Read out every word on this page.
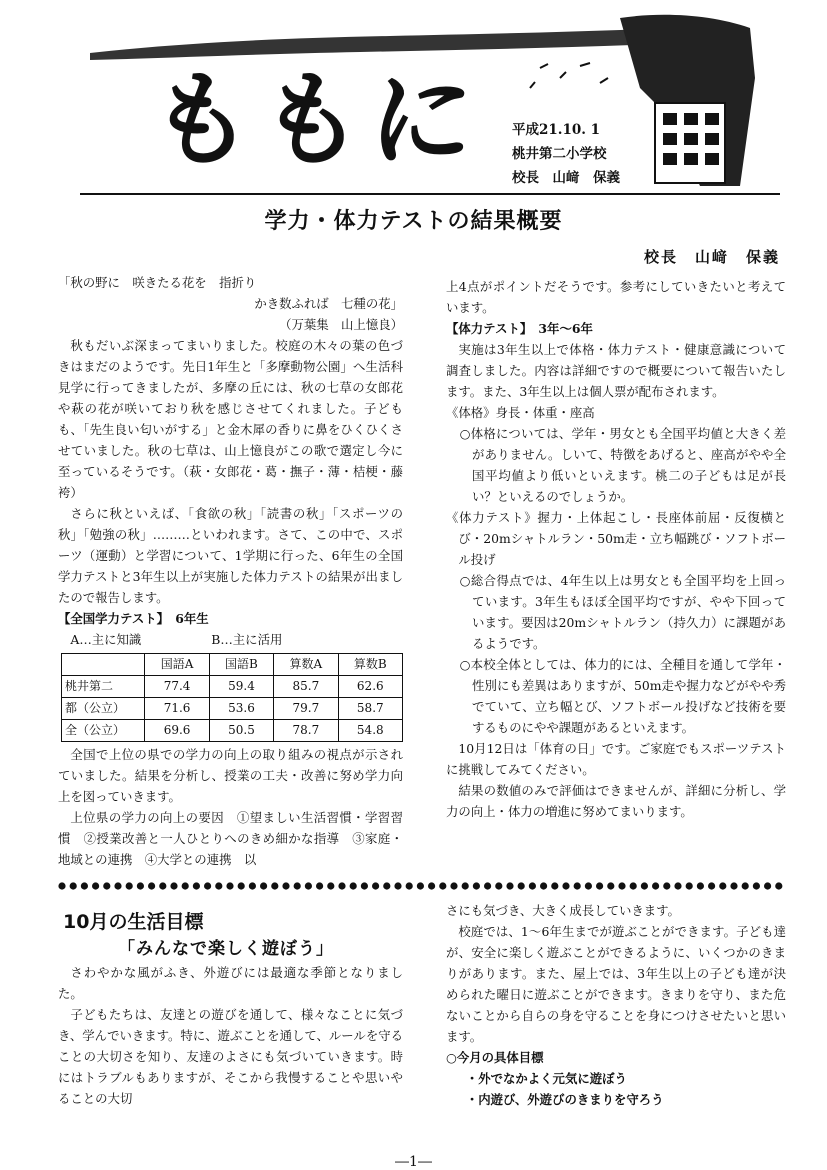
ももに 平成21.10. 1
桃井第二小学校
校長　山﨑　保義
学力・体力テストの結果概要
校長　山﨑　保義

「秋の野に　咲きたる花を　指折り

かき数ふれば　七種の花」

（万葉集　山上憶良）

秋もだいぶ深まってまいりました。校庭の木々の葉の色づきはまだのようです。先日1年生と「多摩動物公園」へ生活科見学に行ってきましたが、多摩の丘には、秋の七草の女郎花や萩の花が咲いており秋を感じさせてくれました。子どもも、「先生良い匂いがする」と金木犀の香りに鼻をひくひくさせていました。秋の七草は、山上憶良がこの歌で選定し今に至っているそうです。（萩・女郎花・葛・撫子・薄・桔梗・藤袴）

さらに秋といえば、「食欲の秋」「読書の秋」「スポーツの秋」「勉強の秋」………といわれます。さて、この中で、スポーツ（運動）と学習について、1学期に行った、6年生の全国学力テストと3年生以上が実施した体力テストの結果が出ましたので報告します。

【全国学力テスト】　6年生

A…主に知識	B…主に活用

	国語A	国語B	算数A	算数B
桃井第二	77.4	59.4	85.7	62.6
都（公立）	71.6	53.6	79.7	58.7
全（公立）	69.6	50.5	78.7	54.8

全国で上位の県での学力の向上の取り組みの視点が示されていました。結果を分析し、授業の工夫・改善に努め学力向上を図っていきます。

上位県の学力の向上の要因　①望ましい生活習慣・学習習慣　②授業改善と一人ひとりへのきめ細かな指導　③家庭・地域との連携　④大学との連携　以

上4点がポイントだそうです。参考にしていきたいと考えています。

【体力テスト】　3年～6年

実施は3年生以上で体格・体力テスト・健康意識について調査しました。内容は詳細ですので概要について報告いたします。また、3年生以上は個人票が配布されます。

《体格》身長・体重・座高

○体格については、学年・男女とも全国平均値と大きく差がありません。しいて、特徴をあげると、座高がやや全国平均値より低いといえます。桃二の子どもは足が長い？といえるのでしょうか。

《体力テスト》握力・上体起こし・長座体前屈・反復横とび・20mシャトルラン・50m走・立ち幅跳び・ソフトボール投げ

○総合得点では、4年生以上は男女とも全国平均を上回っています。3年生もほぼ全国平均ですが、やや下回っています。要因は20mシャトルラン（持久力）に課題があるようです。

○本校全体としては、体力的には、全種目を通して学年・性別にも差異はありますが、50m走や握力などがやや秀でていて、立ち幅とび、ソフトボール投げなど技術を要するものにやや課題があるといえます。

10月12日は「体育の日」です。ご家庭でもスポーツテストに挑戦してみてください。

結果の数値のみで評価はできませんが、詳細に分析し、学力の向上・体力の増進に努めてまいります。

10月の生活目標
「みんなで楽しく遊ぼう」

さわやかな風がふき、外遊びには最適な季節となりました。

子どもたちは、友達との遊びを通して、様々なことに気づき、学んでいきます。特に、遊ぶことを通して、ルールを守ることの大切さを知り、友達のよさにも気づいていきます。時にはトラブルもありますが、そこから我慢することや思いやることの大切

さにも気づき、大きく成長していきます。

校庭では、1～6年生までが遊ぶことができます。子ども達が、安全に楽しく遊ぶことができるように、いくつかのきまりがあります。また、屋上では、3年生以上の子ども達が決められた曜日に遊ぶことができます。きまりを守り、また危ないことから自らの身を守ることを身につけさせたいと思います。

○今月の具体目標

・外でなかよく元気に遊ぼう

・内遊び、外遊びのきまりを守ろう

―1―
